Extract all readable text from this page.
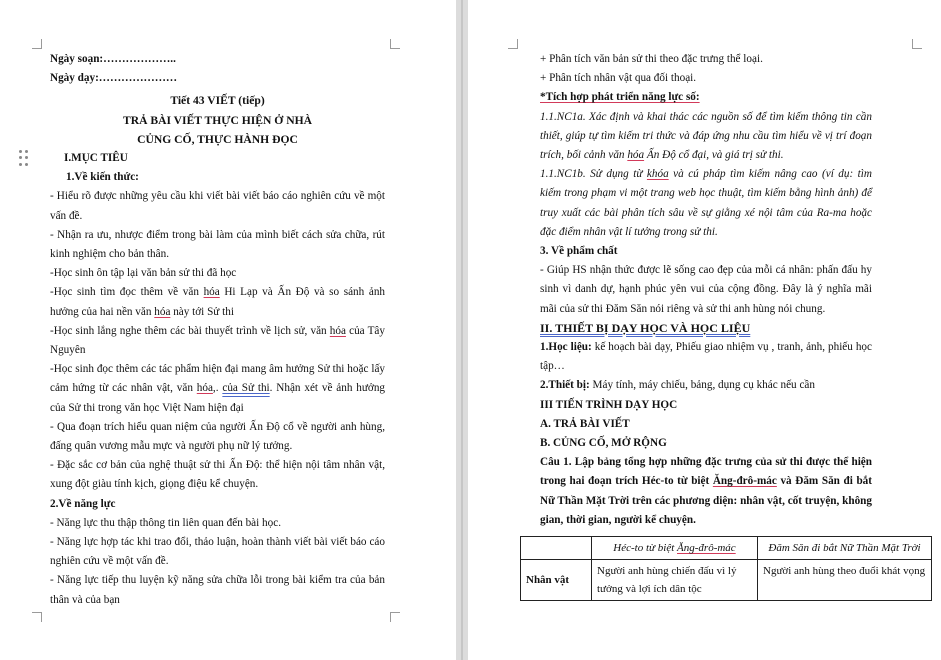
Ngày soạn:………………..

Ngày dạy:…………………

Tiết 43 VIẾT (tiếp)

TRẢ BÀI VIẾT THỰC HIỆN Ở NHÀ

CỦNG CỐ, THỰC HÀNH ĐỌC

I.MỤC TIÊU

1.Về kiến thức:

- Hiểu rõ được những yêu cầu khi viết bài viết báo cáo nghiên cứu về một vấn đề.

- Nhận ra ưu, nhược điểm trong bài làm của mình biết cách sửa chữa, rút kinh nghiệm cho bản thân.

-Học sinh ôn tập lại văn bản sử thi đã học

-Học sinh tìm đọc thêm về văn hóa Hi Lạp và Ấn Độ và so sánh ảnh hưởng của hai nền văn hóa này tới Sử thi

-Học sinh lắng nghe thêm các bài thuyết trình về lịch sử, văn hóa của Tây Nguyên

-Học sinh đọc thêm các tác phẩm hiện đại mang âm hưởng Sử thi hoặc lấy cảm hứng từ các nhân vật, văn hóa,. của Sử thi. Nhận xét về ảnh hưởng của Sử thi trong văn học Việt Nam hiện đại

- Qua đoạn trích hiểu quan niệm của người Ấn Độ cổ về người anh hùng, đấng quân vương mẫu mực và người phụ nữ lý tưởng.

- Đặc sắc cơ bản của nghệ thuật sử thi Ấn Độ: thể hiện nội tâm nhân vật, xung đột giàu tính kịch, giọng điệu kể chuyện.

2.Về năng lực

- Năng lực thu thập thông tin liên quan đến bài học.

- Năng lực hợp tác khi trao đổi, thảo luận, hoàn thành viết bài viết báo cáo nghiên cứu về một vấn đề.

- Năng lực tiếp thu luyện kỹ năng sửa chữa lỗi trong bài kiểm tra của bản thân và của bạn

+ Phân tích văn bản sử thi theo đặc trưng thể loại.

+ Phân tích nhân vật qua đối thoại.

*Tích hợp phát triển năng lực số:

1.1.NC1a. Xác định và khai thác các nguồn số để tìm kiếm thông tin cần thiết, giúp tự tìm kiếm tri thức và đáp ứng nhu cầu tìm hiểu về vị trí đoạn trích, bối cảnh văn hóa Ấn Độ cổ đại, và giá trị sử thi.

1.1.NC1b. Sử dụng từ khóa và cú pháp tìm kiếm nâng cao (ví dụ: tìm kiếm trong phạm vi một trang web học thuật, tìm kiếm bằng hình ảnh) để truy xuất các bài phân tích sâu về sự giằng xé nội tâm của Ra-ma hoặc đặc điểm nhân vật lí tưởng trong sử thi.

3. Về phẩm chất

- Giúp HS nhận thức được lẽ sống cao đẹp của mỗi cá nhân: phấn đấu hy sinh vì danh dự, hạnh phúc yên vui của cộng đồng. Đây là ý nghĩa mãi mãi của sử thi Đăm Săn nói riêng và sử thi anh hùng nói chung.

II. THIẾT BỊ DẠY HỌC VÀ HỌC LIỆU

1.Học liệu: kế hoạch bài dạy, Phiếu giao nhiệm vụ , tranh, ảnh, phiếu học tập…

2.Thiết bị: Máy tính, máy chiếu, bảng, dụng cụ khác nếu cần

III TIẾN TRÌNH DẠY HỌC

A. TRẢ BÀI VIẾT

B. CỦNG CỐ, MỞ RỘNG

Câu 1. Lập bảng tổng hợp những đặc trưng của sử thi được thể hiện trong hai đoạn trích Héc-to từ biệt Ăng-đrô-mác và Đăm Săn đi bắt Nữ Thần Mặt Trời trên các phương diện: nhân vật, cốt truyện, không gian, thời gian, người kể chuyện.

	Héc-to từ biệt Ăng-đrô-mác	Đăm Săn đi bắt Nữ Thần Mặt Trời
Nhân vật	Người anh hùng chiến đấu vì lý tưởng và lợi ích dân tộc	Người anh hùng theo đuổi khát vọng
